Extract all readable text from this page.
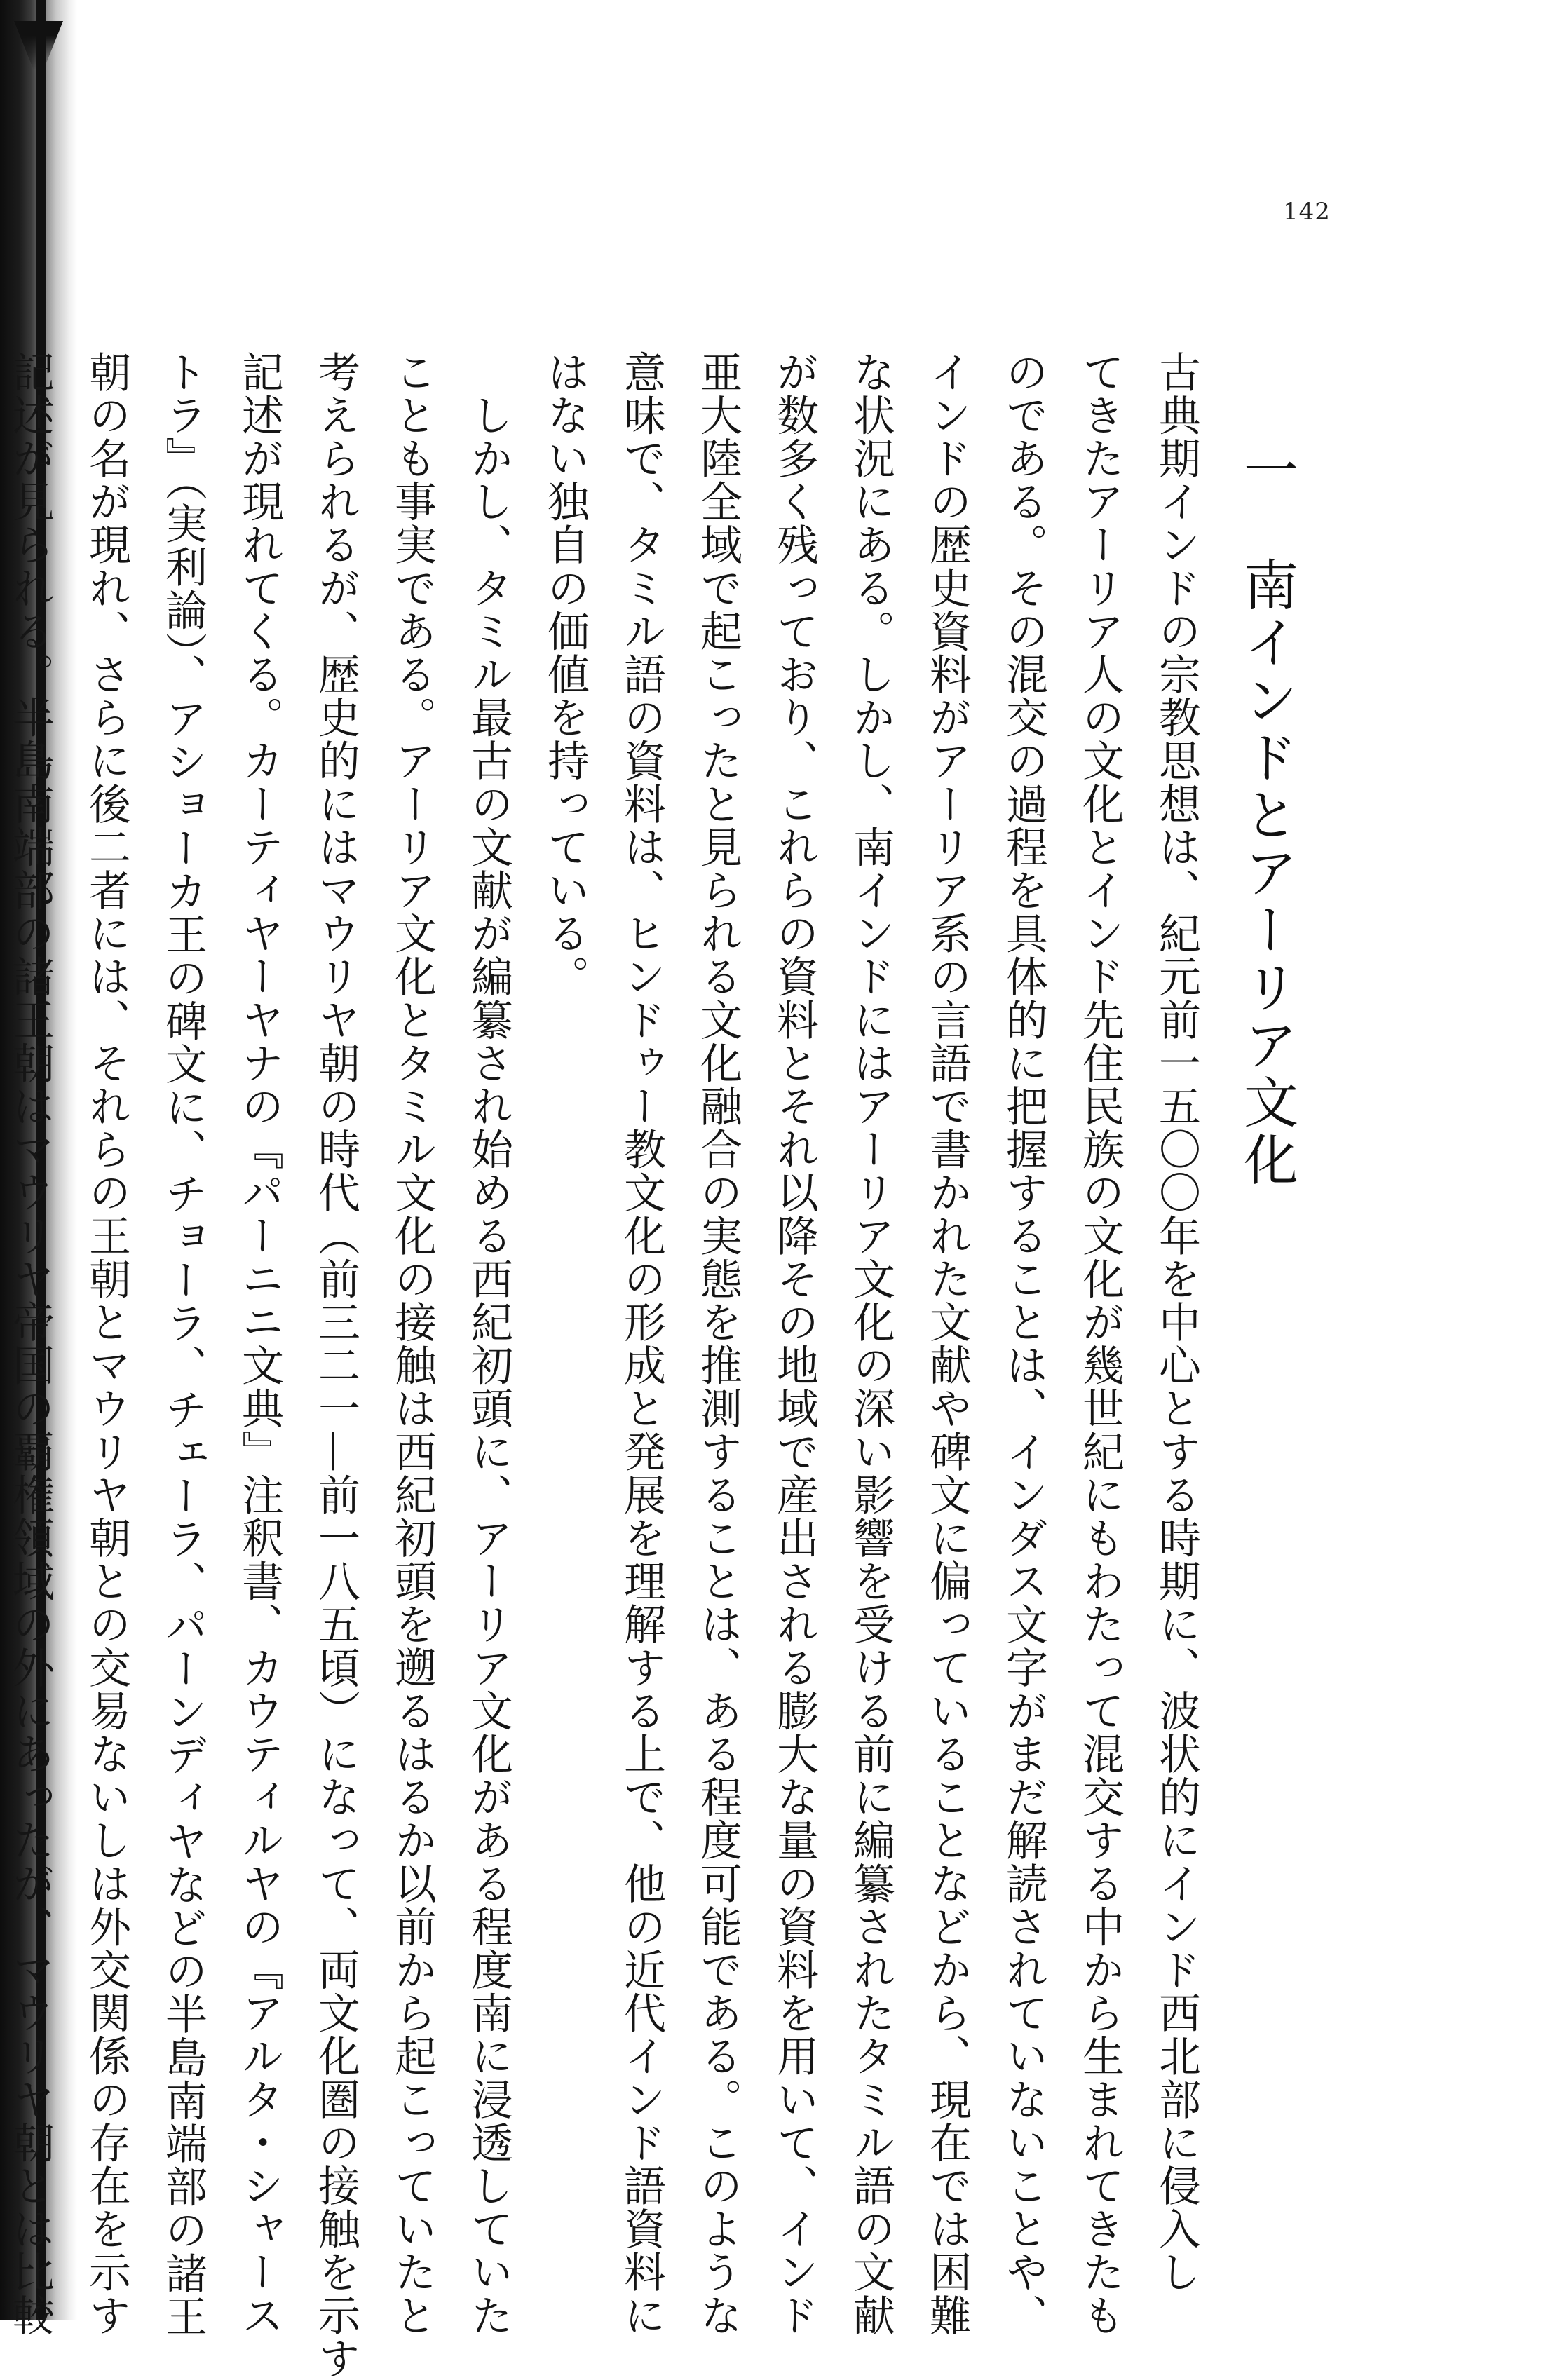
142
一　南インドとアーリア文化

古典期インドの宗教思想は、紀元前一五〇〇年を中心とする時期に、波状的にインド西北部に侵入し

てきたアーリア人の文化とインド先住民族の文化が幾世紀にもわたって混交する中から生まれてきたも

のである。その混交の過程を具体的に把握することは、インダス文字がまだ解読されていないことや、

インドの歴史資料がアーリア系の言語で書かれた文献や碑文に偏っていることなどから、現在では困難

な状況にある。しかし、南インドにはアーリア文化の深い影響を受ける前に編纂されたタミル語の文献

が数多く残っており、これらの資料とそれ以降その地域で産出される膨大な量の資料を用いて、インド

亜大陸全域で起こったと見られる文化融合の実態を推測することは、ある程度可能である。このような

意味で、タミル語の資料は、ヒンドゥー教文化の形成と発展を理解する上で、他の近代インド語資料に

はない独自の価値を持っている。

　しかし、タミル最古の文献が編纂され始める西紀初頭に、アーリア文化がある程度南に浸透していた

ことも事実である。アーリア文化とタミル文化の接触は西紀初頭を遡るはるか以前から起こっていたと

考えられるが、歴史的にはマウリヤ朝の時代（前三二一—前一八五頃）になって、両文化圏の接触を示す

記述が現れてくる。カーティヤーヤナの『パーニニ文典』注釈書、カウティルヤの『アルタ・シャース

トラ』（実利論）、アショーカ王の碑文に、チョーラ、チェーラ、パーンディヤなどの半島南端部の諸王

朝の名が現れ、さらに後二者には、それらの王朝とマウリヤ朝との交易ないしは外交関係の存在を示す

記述が見られる。半島南端部の諸王朝はマウリヤ帝国の覇権領域の外にあったが、マウリヤ朝とは比較
